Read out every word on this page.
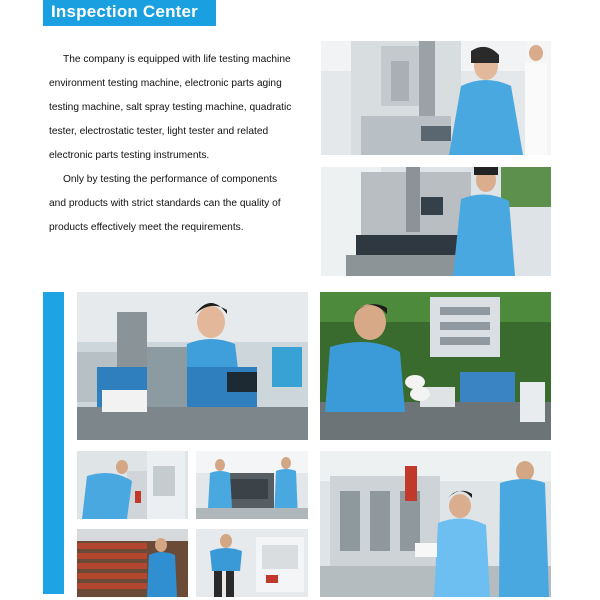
Inspection Center

The company is equipped with life testing machine
environment testing machine, electronic parts aging
testing machine, salt spray testing machine, quadratic
tester, electrostatic tester, light tester and related
electronic parts testing instruments.

Only by testing the performance of components
and products with strict standards can the quality of
products effectively meet the requirements.
